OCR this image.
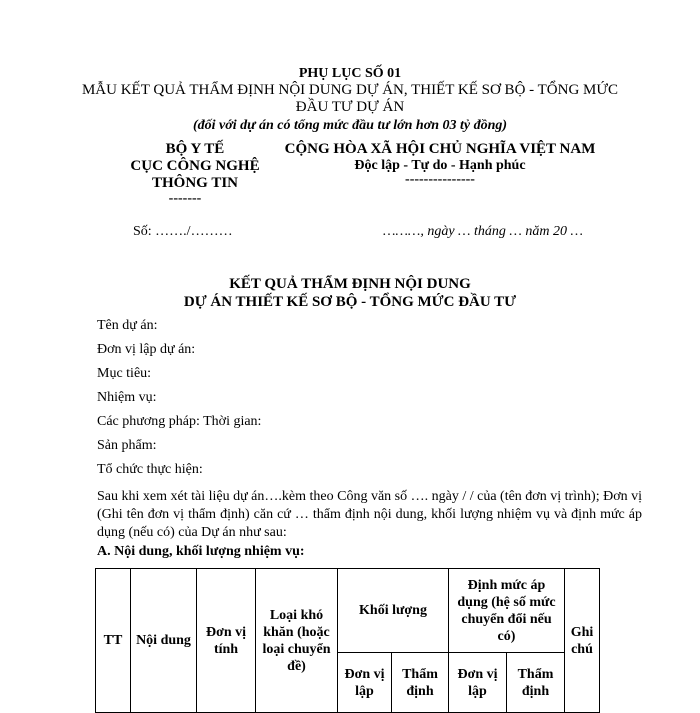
PHỤ LỤC SỐ 01
MẪU KẾT QUẢ THẨM ĐỊNH NỘI DUNG DỰ ÁN, THIẾT KẾ SƠ BỘ - TỔNG MỨC
ĐẦU TƯ DỰ ÁN
(đối với dự án có tổng mức đầu tư lớn hơn 03 tỷ đồng)
BỘ Y TẾ
CỤC CÔNG NGHỆ
THÔNG TIN
-------
CỘNG HÒA XÃ HỘI CHỦ NGHĨA VIỆT NAM
Độc lập - Tự do - Hạnh phúc
---------------
Số: ……./………	………, ngày … tháng … năm 20 …
KẾT QUẢ THẨM ĐỊNH NỘI DUNG
DỰ ÁN THIẾT KẾ SƠ BỘ - TỔNG MỨC ĐẦU TƯ
Tên dự án:
Đơn vị lập dự án:
Mục tiêu:
Nhiệm vụ:
Các phương pháp: Thời gian:
Sản phẩm:
Tổ chức thực hiện:
Sau khi xem xét tài liệu dự án….kèm theo Công văn số …. ngày / / của (tên đơn vị trình); Đơn vị (Ghi tên đơn vị thẩm định) căn cứ … thẩm định nội dung, khối lượng nhiệm vụ và định mức áp dụng (nếu có) của Dự án như sau:
A. Nội dung, khối lượng nhiệm vụ:
TT	Nội dung	Đơn vị tính	Loại khó khăn (hoặc loại chuyển đề)	Khối lượng		Định mức áp dụng (hệ số mức chuyển đổi nếu có)		Ghi chú
				Đơn vị lập	Thẩm định	Đơn vị lập	Thẩm định	
